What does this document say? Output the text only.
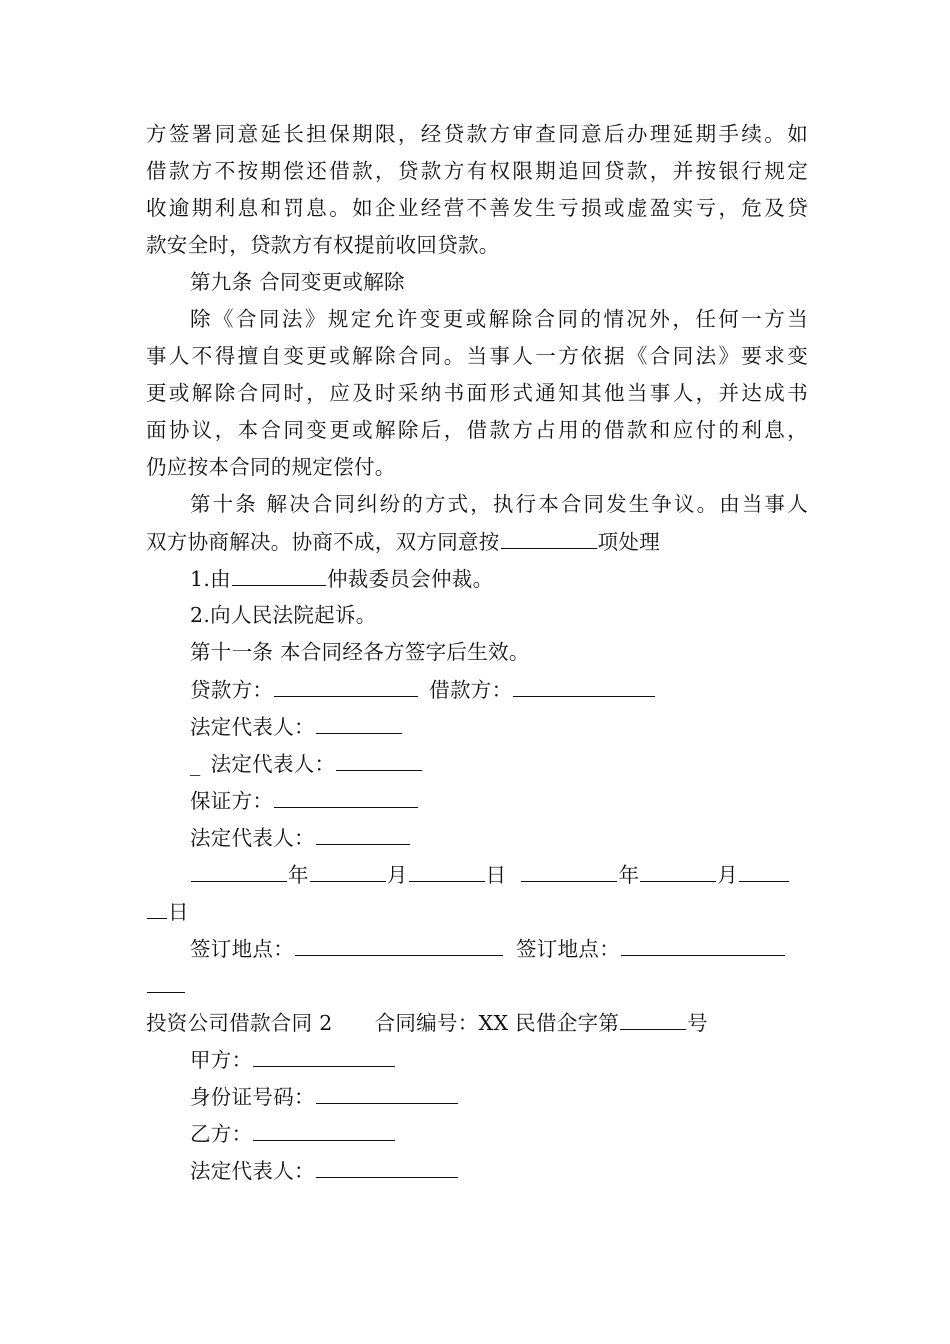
方签署同意延长担保期限，经贷款方审查同意后办理延期手续。如
借款方不按期偿还借款，贷款方有权限期追回贷款，并按银行规定
收逾期利息和罚息。如企业经营不善发生亏损或虚盈实亏，危及贷
款安全时，贷款方有权提前收回贷款。
第九条 合同变更或解除
除《合同法》规定允许变更或解除合同的情况外，任何一方当
事人不得擅自变更或解除合同。当事人一方依据《合同法》要求变
更或解除合同时，应及时采纳书面形式通知其他当事人，并达成书
面协议，本合同变更或解除后，借款方占用的借款和应付的利息，
仍应按本合同的规定偿付。
第十条 解决合同纠纷的方式，执行本合同发生争议。由当事人
双方协商解决。协商不成，双方同意按	项处理
1.由	仲裁委员会仲裁。
2.向人民法院起诉。
第十一条 本合同经各方签字后生效。
贷款方：	借款方：
法定代表人：
_ 法定代表人：
保证方：
法定代表人：
年	月	日	年	月
日
签订地点：	签订地点：
投资公司借款合同 2 合同编号：XX 民借企字第	号
甲方：
身份证号码：
乙方：
法定代表人：
